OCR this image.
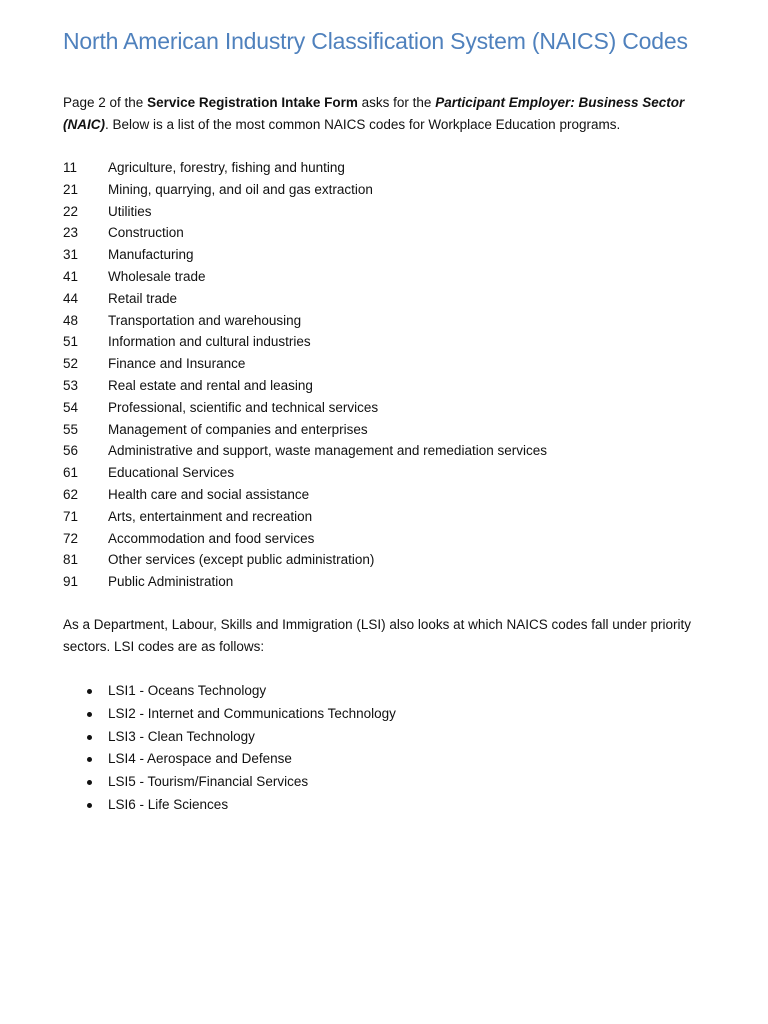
North American Industry Classification System (NAICS) Codes

Page 2 of the Service Registration Intake Form asks for the Participant Employer: Business Sector (NAIC). Below is a list of the most common NAICS codes for Workplace Education programs.

11	Agriculture, forestry, fishing and hunting
21	Mining, quarrying, and oil and gas extraction
22	Utilities
23	Construction
31	Manufacturing
41	Wholesale trade
44	Retail trade
48	Transportation and warehousing
51	Information and cultural industries
52	Finance and Insurance
53	Real estate and rental and leasing
54	Professional, scientific and technical services
55	Management of companies and enterprises
56	Administrative and support, waste management and remediation services
61	Educational Services
62	Health care and social assistance
71	Arts, entertainment and recreation
72	Accommodation and food services
81	Other services (except public administration)
91	Public Administration

As a Department, Labour, Skills and Immigration (LSI) also looks at which NAICS codes fall under priority sectors. LSI codes are as follows:

LSI1 - Oceans Technology
LSI2 - Internet and Communications Technology
LSI3 - Clean Technology
LSI4 - Aerospace and Defense
LSI5 - Tourism/Financial Services
LSI6 - Life Sciences
